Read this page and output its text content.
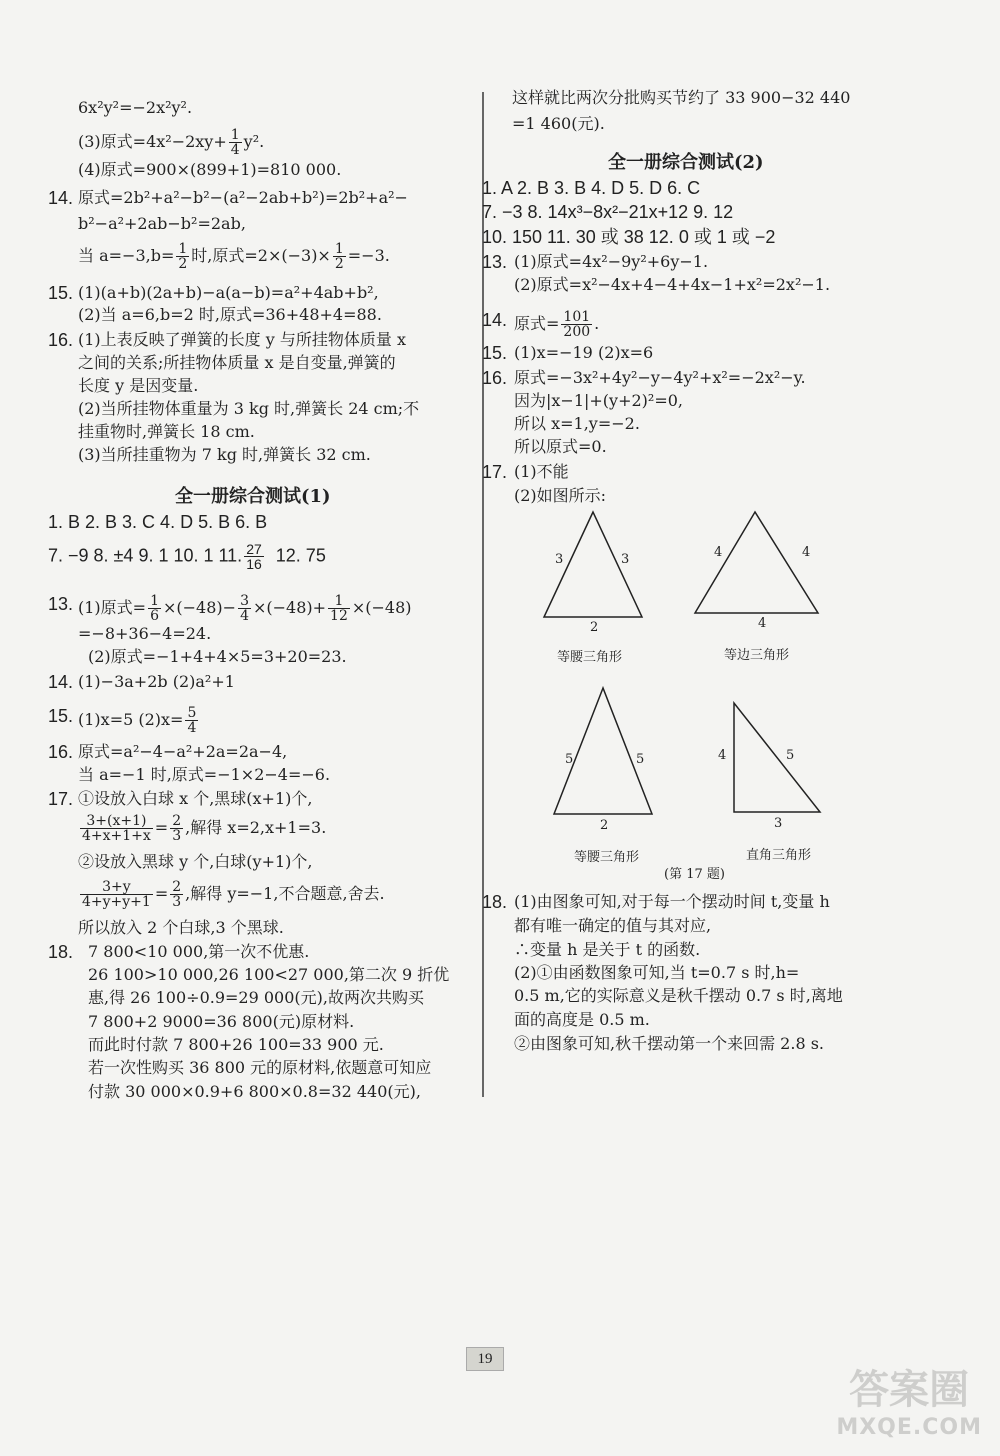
6x²y²=−2x²y².
(3)原式$=4x^2-2xy+ \frac{1}{4} y^2$.
(4)原式=900×(899+1)=810 000.
14. 原式=2b²+a²−b²−(a²−2ab+b²)=2b²+a²−
b²−a²+2ab−b²=2ab,
当 $a=-3,b= \frac{1}{2}$ 时,原式$=2\times(-3)\times \frac{1}{2} =-3$.
15. (1)(a+b)(2a+b)−a(a−b)=a²+4ab+b²,
(2)当 a=6,b=2 时,原式=36+48+4=88.
16. (1)上表反映了弹簧的长度 y 与所挂物体质量 x
之间的关系;所挂物体质量 x 是自变量,弹簧的
长度 y 是因变量.
(2)当所挂物体重量为 3 kg 时,弹簧长 24 cm;不
挂重物时,弹簧长 18 cm.
(3)当所挂重物为 7 kg 时,弹簧长 32 cm.
全一册综合测试(1)
1. B 2. B 3. C 4. D 5. B 6. B
7. −9 8. ±4 9. 1 10. 1 11. $\frac{27}{16} 12$. 75
13. (1)原式= $\frac{1}{6} \times(-48)- \frac{3}{4} \times(-48)+ \frac{1}{12} \times(-48)$
=−8+36−4=24.
(2)原式=−1+4+4×5=3+20=23.
14. (1)−3a+2b (2)a²+1
15. (1)x=5 $(2)x= \frac{5}{4}$
16. 原式=a²−4−a²+2a=2a−4,
当 a=−1 时,原式=−1×2−4=−6.
17. ①设放入白球 x 个,黑球(x+1)个,
$\frac{3+(x+1)}{4+x+1+x} = \frac{2}{3}$ ,解得 x=2,x+1=3.
②设放入黑球 y 个,白球(y+1)个,
$\frac{3+y}{4+y+y+1} = \frac{2}{3}$ ,解得 y=−1,不合题意,舍去.
所以放入 2 个白球,3 个黑球.
18. 7 800<10 000,第一次不优惠.
26 100>10 000,26 100<27 000,第二次 9 折优
惠,得 26 100÷0.9=29 000(元),故两次共购买
7 800+2 9000=36 800(元)原材料.
而此时付款 7 800+26 100=33 900 元.
若一次性购买 36 800 元的原材料,依题意可知应
付款 30 000×0.9+6 800×0.8=32 440(元),
这样就比两次分批购买节约了 33 900−32 440
=1 460(元).
全一册综合测试(2)
1. A 2. B 3. B 4. D 5. D 6. C
7. −3 8. 14x³−8x²−21x+12 9. 12
10. 150 11. 30 或 38 12. 0 或 1 或 −2
13. (1)原式=4x²−9y²+6y−1.
(2)原式=x²−4x+4−4+4x−1+x²=2x²−1.
14. 原式= $\frac{101}{200}$ .
15. (1)x=−19 (2)x=6
16. 原式=−3x²+4y²−y−4y²+x²=−2x²−y.
因为|x−1|+(y+2)²=0,
所以 x=1,y=−2.
所以原式=0.
17. (1)不能
(2)如图所示:
3	3
2
等腰三角形
4	4
4
等边三角形
5	5
2
等腰三角形
4	5
3
直角三角形
(第 17 题)
18. (1)由图象可知,对于每一个摆动时间 t,变量 h
都有唯一确定的值与其对应,
∴变量 h 是关于 t 的函数.
(2)①由函数图象可知,当 t=0.7 s 时,h=
0.5 m,它的实际意义是秋千摆动 0.7 s 时,离地
面的高度是 0.5 m.
②由图象可知,秋千摆动第一个来回需 2.8 s.
19
答案圈
MXQE.COM
